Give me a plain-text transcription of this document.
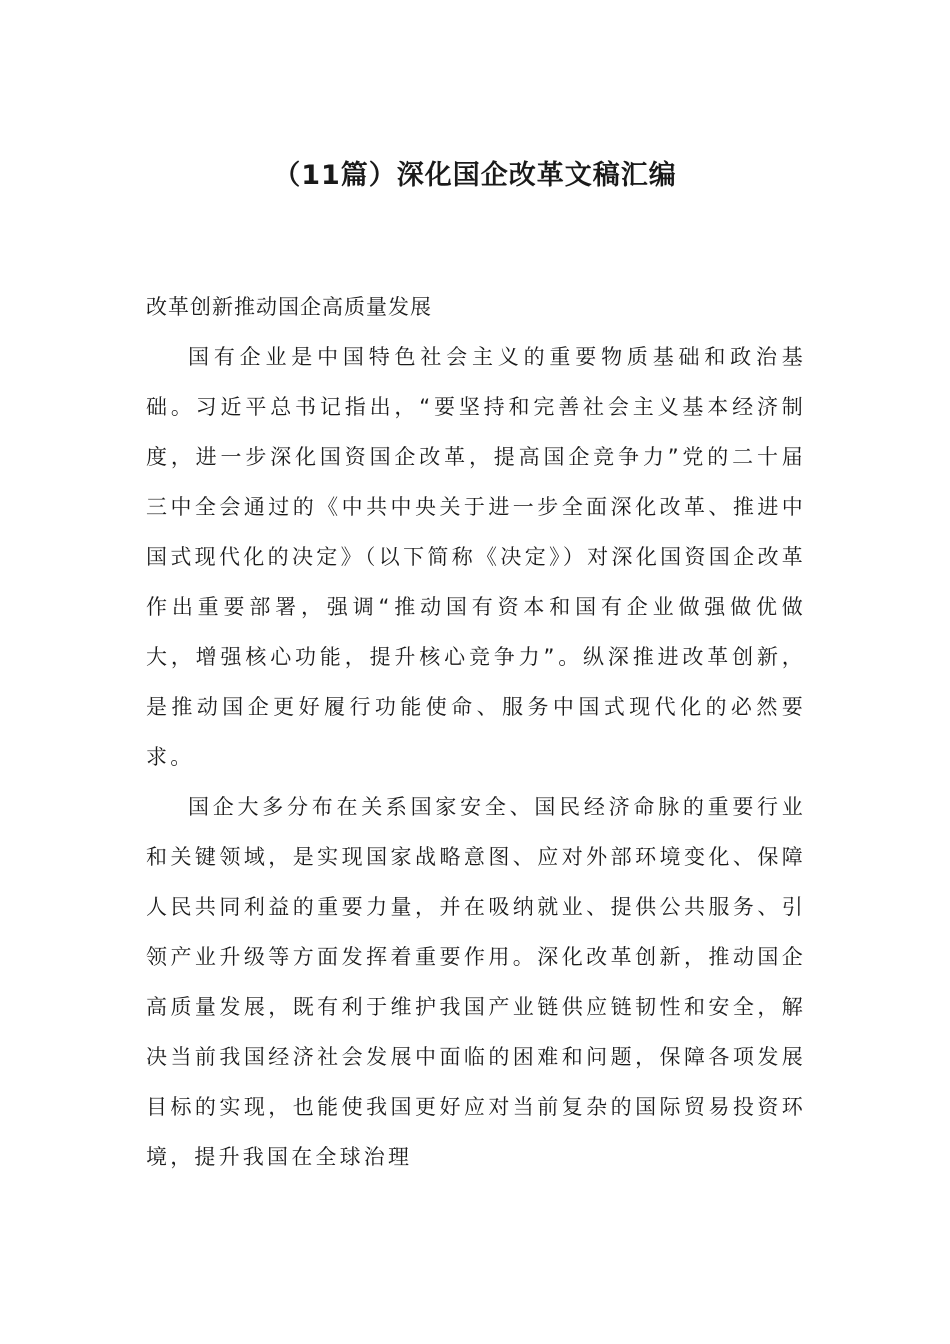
（11篇）深化国企改革文稿汇编
改革创新推动国企高质量发展

国有企业是中国特色社会主义的重要物质基础和政治基础。习近平总书记指出，“要坚持和完善社会主义基本经济制度，进一步深化国资国企改革，提高国企竞争力”党的二十届三中全会通过的《中共中央关于进一步全面深化改革、推进中国式现代化的决定》（以下简称《决定》）对深化国资国企改革作出重要部署，强调“推动国有资本和国有企业做强做优做大，增强核心功能，提升核心竞争力”。纵深推进改革创新，是推动国企更好履行功能使命、服务中国式现代化的必然要求。

国企大多分布在关系国家安全、国民经济命脉的重要行业和关键领域，是实现国家战略意图、应对外部环境变化、保障人民共同利益的重要力量，并在吸纳就业、提供公共服务、引领产业升级等方面发挥着重要作用。深化改革创新，推动国企高质量发展，既有利于维护我国产业链供应链韧性和安全，解决当前我国经济社会发展中面临的困难和问题，保障各项发展目标的实现，也能使我国更好应对当前复杂的国际贸易投资环境，提升我国在全球治理
